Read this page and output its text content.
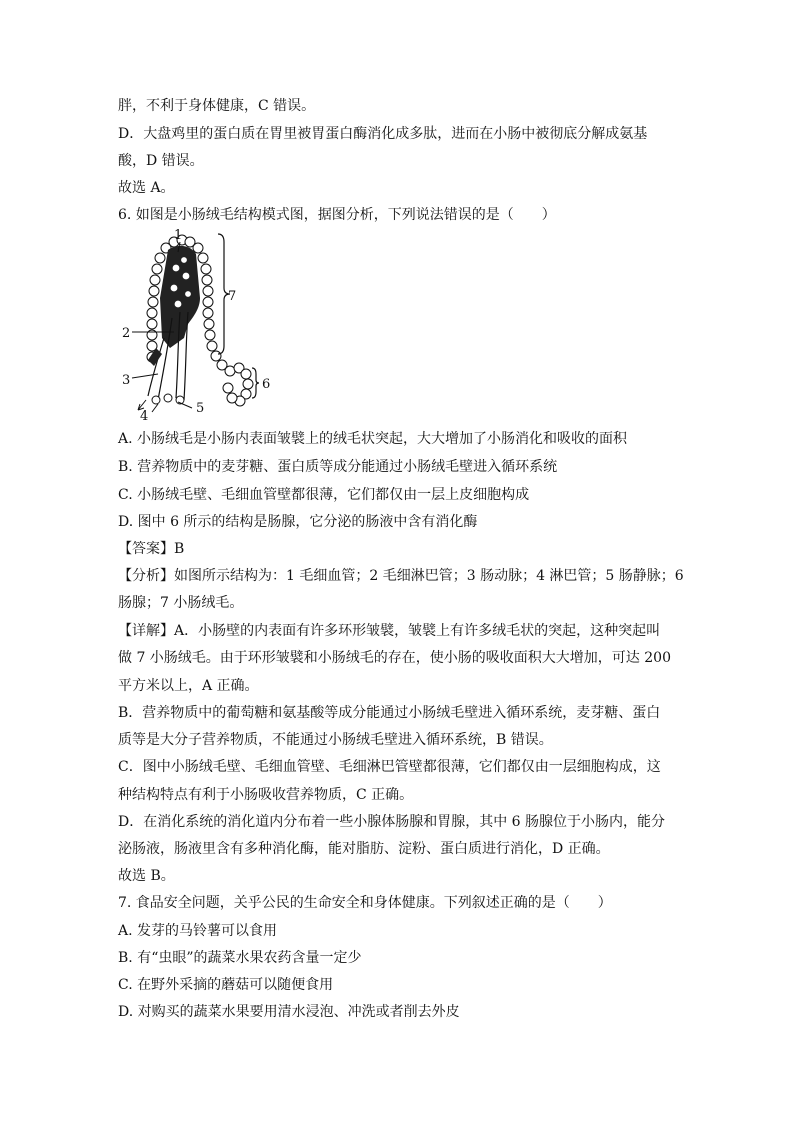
胖，不利于身体健康，C 错误。
D．大盘鸡里的蛋白质在胃里被胃蛋白酶消化成多肽，进而在小肠中被彻底分解成氨基
酸，D 错误。
故选 A。
6. 如图是小肠绒毛结构模式图，据图分析，下列说法错误的是（　　）
1
2
3
4
5
6
7
A. 小肠绒毛是小肠内表面皱襞上的绒毛状突起，大大增加了小肠消化和吸收的面积
B. 营养物质中的麦芽糖、蛋白质等成分能通过小肠绒毛壁进入循环系统
C. 小肠绒毛壁、毛细血管壁都很薄，它们都仅由一层上皮细胞构成
D. 图中 6 所示的结构是肠腺，它分泌的肠液中含有消化酶
【答案】B
【分析】如图所示结构为：1 毛细血管；2 毛细淋巴管；3 肠动脉；4 淋巴管；5 肠静脉；6
肠腺；7 小肠绒毛。
【详解】A．小肠壁的内表面有许多环形皱襞，皱襞上有许多绒毛状的突起，这种突起叫
做 7 小肠绒毛。由于环形皱襞和小肠绒毛的存在，使小肠的吸收面积大大增加，可达 200
平方米以上，A 正确。
B．营养物质中的葡萄糖和氨基酸等成分能通过小肠绒毛壁进入循环系统，麦芽糖、蛋白
质等是大分子营养物质，不能通过小肠绒毛壁进入循环系统，B 错误。
C．图中小肠绒毛壁、毛细血管壁、毛细淋巴管壁都很薄，它们都仅由一层细胞构成，这
种结构特点有利于小肠吸收营养物质，C 正确。
D．在消化系统的消化道内分布着一些小腺体肠腺和胃腺，其中 6 肠腺位于小肠内，能分
泌肠液，肠液里含有多种消化酶，能对脂肪、淀粉、蛋白质进行消化，D 正确。
故选 B。
7. 食品安全问题，关乎公民的生命安全和身体健康。下列叙述正确的是（　　）
A. 发芽的马铃薯可以食用
B. 有“虫眼”的蔬菜水果农药含量一定少
C. 在野外采摘的蘑菇可以随便食用
D. 对购买的蔬菜水果要用清水浸泡、冲洗或者削去外皮
